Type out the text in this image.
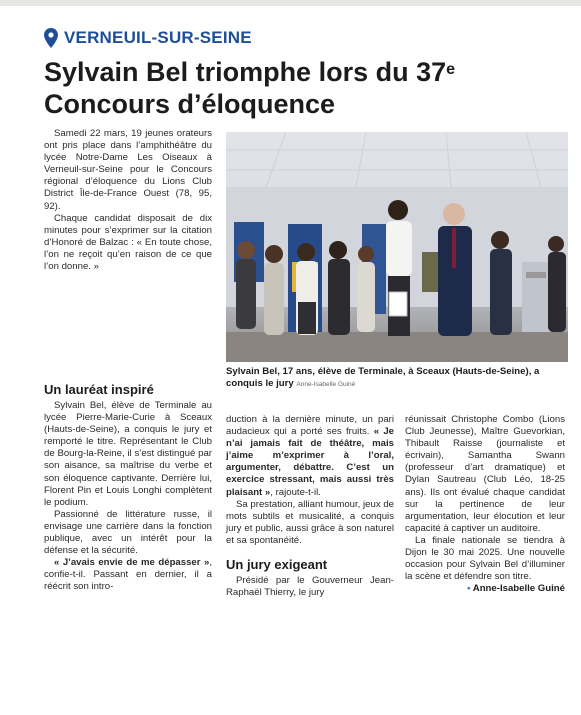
VERNEUIL-SUR-SEINE
Sylvain Bel triomphe lors du 37e
Concours d’éloquence

Samedi 22 mars, 19 jeunes orateurs ont pris place dans l’amphithéâtre du lycée Notre-Dame Les Oiseaux à Verneuil-sur-Seine pour le Concours régional d’éloquence du Lions Club District Île-de-France Ouest (78, 95, 92).

Chaque candidat disposait de dix minutes pour s’exprimer sur la citation d’Honoré de Balzac : « En toute chose, l’on ne reçoit qu’en raison de ce que l’on donne. »

Un lauréat inspiré

Sylvain Bel, élève de Terminale au lycée Pierre-Marie-Curie à Sceaux (Hauts-de-Seine), a conquis le jury et remporté le titre. Représentant le Club de Bourg-la-Reine, il s’est distingué par son aisance, sa maîtrise du verbe et son éloquence captivante. Derrière lui, Florent Pin et Louis Longhi complètent le podium.

Passionné de littérature russe, il envisage une carrière dans la fonction publique, avec un intérêt pour la défense et la sécurité.

« J’avais envie de me dépasser », confie-t-il. Passant en dernier, il a réécrit son intro-

Sylvain Bel, 17 ans, élève de Terminale, à Sceaux (Hauts-de-Seine), a conquis le jury Anne-Isabelle Guiné

duction à la dernière minute, un pari audacieux qui a porté ses fruits. « Je n’ai jamais fait de théâtre, mais j’aime m’exprimer à l’oral, argumenter, débattre. C’est un exercice stressant, mais aussi très plaisant », rajoute-t-il.

Sa prestation, alliant humour, jeux de mots subtils et musicalité, a conquis jury et public, aussi grâce à son naturel et sa spontanéité.

Un jury exigeant

Présidé par le Gouverneur Jean-Raphaël Thierry, le jury

réunissait Christophe Combo (Lions Club Jeunesse), Maître Guevorkian, Thibault Raisse (journaliste et écrivain), Samantha Swann (professeur d’art dramatique) et Dylan Sautreau (Club Léo, 18-25 ans). Ils ont évalué chaque candidat sur la pertinence de leur argumentation, leur élocution et leur capacité à captiver un auditoire.

La finale nationale se tiendra à Dijon le 30 mai 2025. Une nouvelle occasion pour Sylvain Bel d’illuminer la scène et défendre son titre.

• Anne-Isabelle Guiné
